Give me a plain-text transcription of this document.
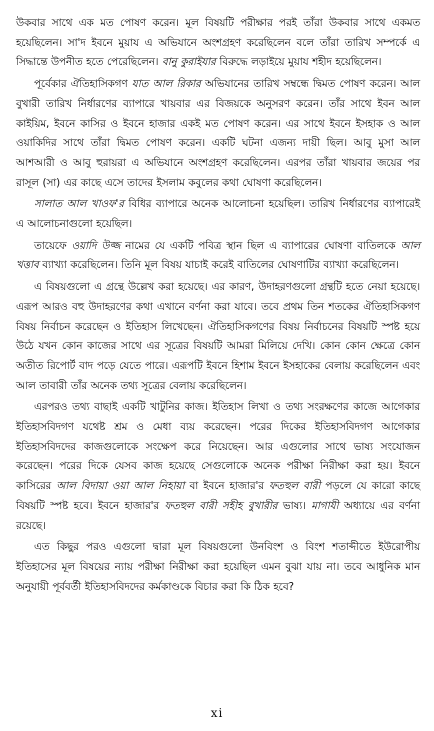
উকবার সাথে এক মত পোষণ করেন। মূল বিষয়টি পরীক্ষার পরই তাঁরা উকবার সাথে একমত হয়েছিলেন। সা'দ ইবনে মুয়ায এ অভিযানে অংশগ্রহণ করেছিলেন বলে তাঁরা তারিখ সম্পর্কে এ সিদ্ধান্তে উপনীত হতে পেরেছিলেন। বানু কুরাইযার বিরুদ্ধে লড়াইয়ে মুয়ায শহীদ হয়েছিলেন।

পূর্বেকার ঐতিহাসিকগণ যাত আল রিকার অভিযানের তারিখ সম্বন্ধে দ্বিমত পোষণ করেন। আল বুখারী তারিখ নির্ধারণের ব্যাপারে খায়বার এর বিজয়কে অনুসরণ করেন। তাঁর সাথে ইবন আল কাইয়িম, ইবনে কাসির ও ইবনে হাজার একই মত পোষণ করেন। এর সাথে ইবনে ইসহাক ও আল ওয়াকিদির সাথে তাঁরা দ্বিমত পোষণ করেন। একটি ঘটনা এজন্য দায়ী ছিল। আবু মুসা আল আশআরী ও আবু হুরায়রা এ অভিযানে অংশগ্রহণ করেছিলেন। এরপর তাঁরা খায়বার জয়ের পর রাসূল (সা) এর কাছে এসে তাদের ইসলাম কবুলের কথা ঘোষণা করেছিলেন।

সালাত আল খাওফ'র বিধির ব্যাপারে অনেক আলোচনা হয়েছিল। তারিখ নির্ধারণের ব্যাপারেই এ আলোচনাগুলো হয়েছিল।

তায়েফে ওয়াদি উজ্জ নামের যে একটি পবিত্র স্থান ছিল এ ব্যাপারের ঘোষণা বাতিলকে আল খত্তাব ব্যাখ্যা করেছিলেন। তিনি মূল বিষয় যাচাই করেই বাতিলের ঘোষণাটির ব্যাখ্যা করেছিলেন।

এ বিষয়গুলো এ গ্রন্থে উল্লেখ করা হয়েছে। এর কারণ, উদাহরণগুলো গ্রন্থটি হতে নেয়া হয়েছে। এরূপ আরও বহু উদাহরণের কথা এখানে বর্ণনা করা যাবে। তবে প্রথম তিন শতকের ঐতিহাসিকগণ বিষয় নির্বাচন করেছেন ও ইতিহাস লিখেছেন। ঐতিহাসিকগণের বিষয় নির্বাচনের বিষয়টি স্পষ্ট হয়ে উঠে যখন কোন কাজের সাথে এর সূত্রের বিষয়টি আমরা মিলিয়ে দেখি। কোন কোন ক্ষেত্রে কোন অতীত রিপোর্ট বাদ পড়ে যেতে পারে। এরূপটি ইবনে হিশাম ইবনে ইসহাকের বেলায় করেছিলেন এবং আল তাবারী তাঁর অনেক তথ্য সূত্রের বেলায় করেছিলেন।

এরপরও তথ্য বাছাই একটি খাটুনির কাজ। ইতিহাস লিখা ও তথ্য সংরক্ষণের কাজে আগেকার ইতিহাসবিদগণ যথেষ্ট শ্রম ও মেধা ব্যয় করেছেন। পরের দিকের ইতিহাসবিদগণ আগেকার ইতিহাসবিদদের কাজগুলোকে সংক্ষেপ করে নিয়েছেন। আর এগুলোর সাথে ভাষ্য সংযোজন করেছেন। পরের দিকে যেসব কাজ হয়েছে সেগুলোকে অনেক পরীক্ষা নিরীক্ষা করা হয়। ইবনে কাসিরের আল বিদায়া ওয়া আল নিহায়া বা ইবনে হাজার'র ফতহুল বারী পড়লে যে কারো কাছে বিষয়টি স্পষ্ট হবে। ইবনে হাজার'র ফতহুল বারী সহীহ বুখারীর ভাষ্য। মাগাযী অধ্যায়ে এর বর্ণনা রয়েছে।

এত কিছুর পরও এগুলো দ্বারা মূল বিষয়গুলো উনবিংশ ও বিংশ শতাব্দীতে ইউরোপীয় ইতিহাসের মূল বিষয়ের ন্যায় পরীক্ষা নিরীক্ষা করা হয়েছিল এমন বুঝা যায় না। তবে আধুনিক মান অনুযায়ী পূর্ববর্তী ইতিহাসবিদদের কর্মকাণ্ডকে বিচার করা কি ঠিক হবে?

xi
